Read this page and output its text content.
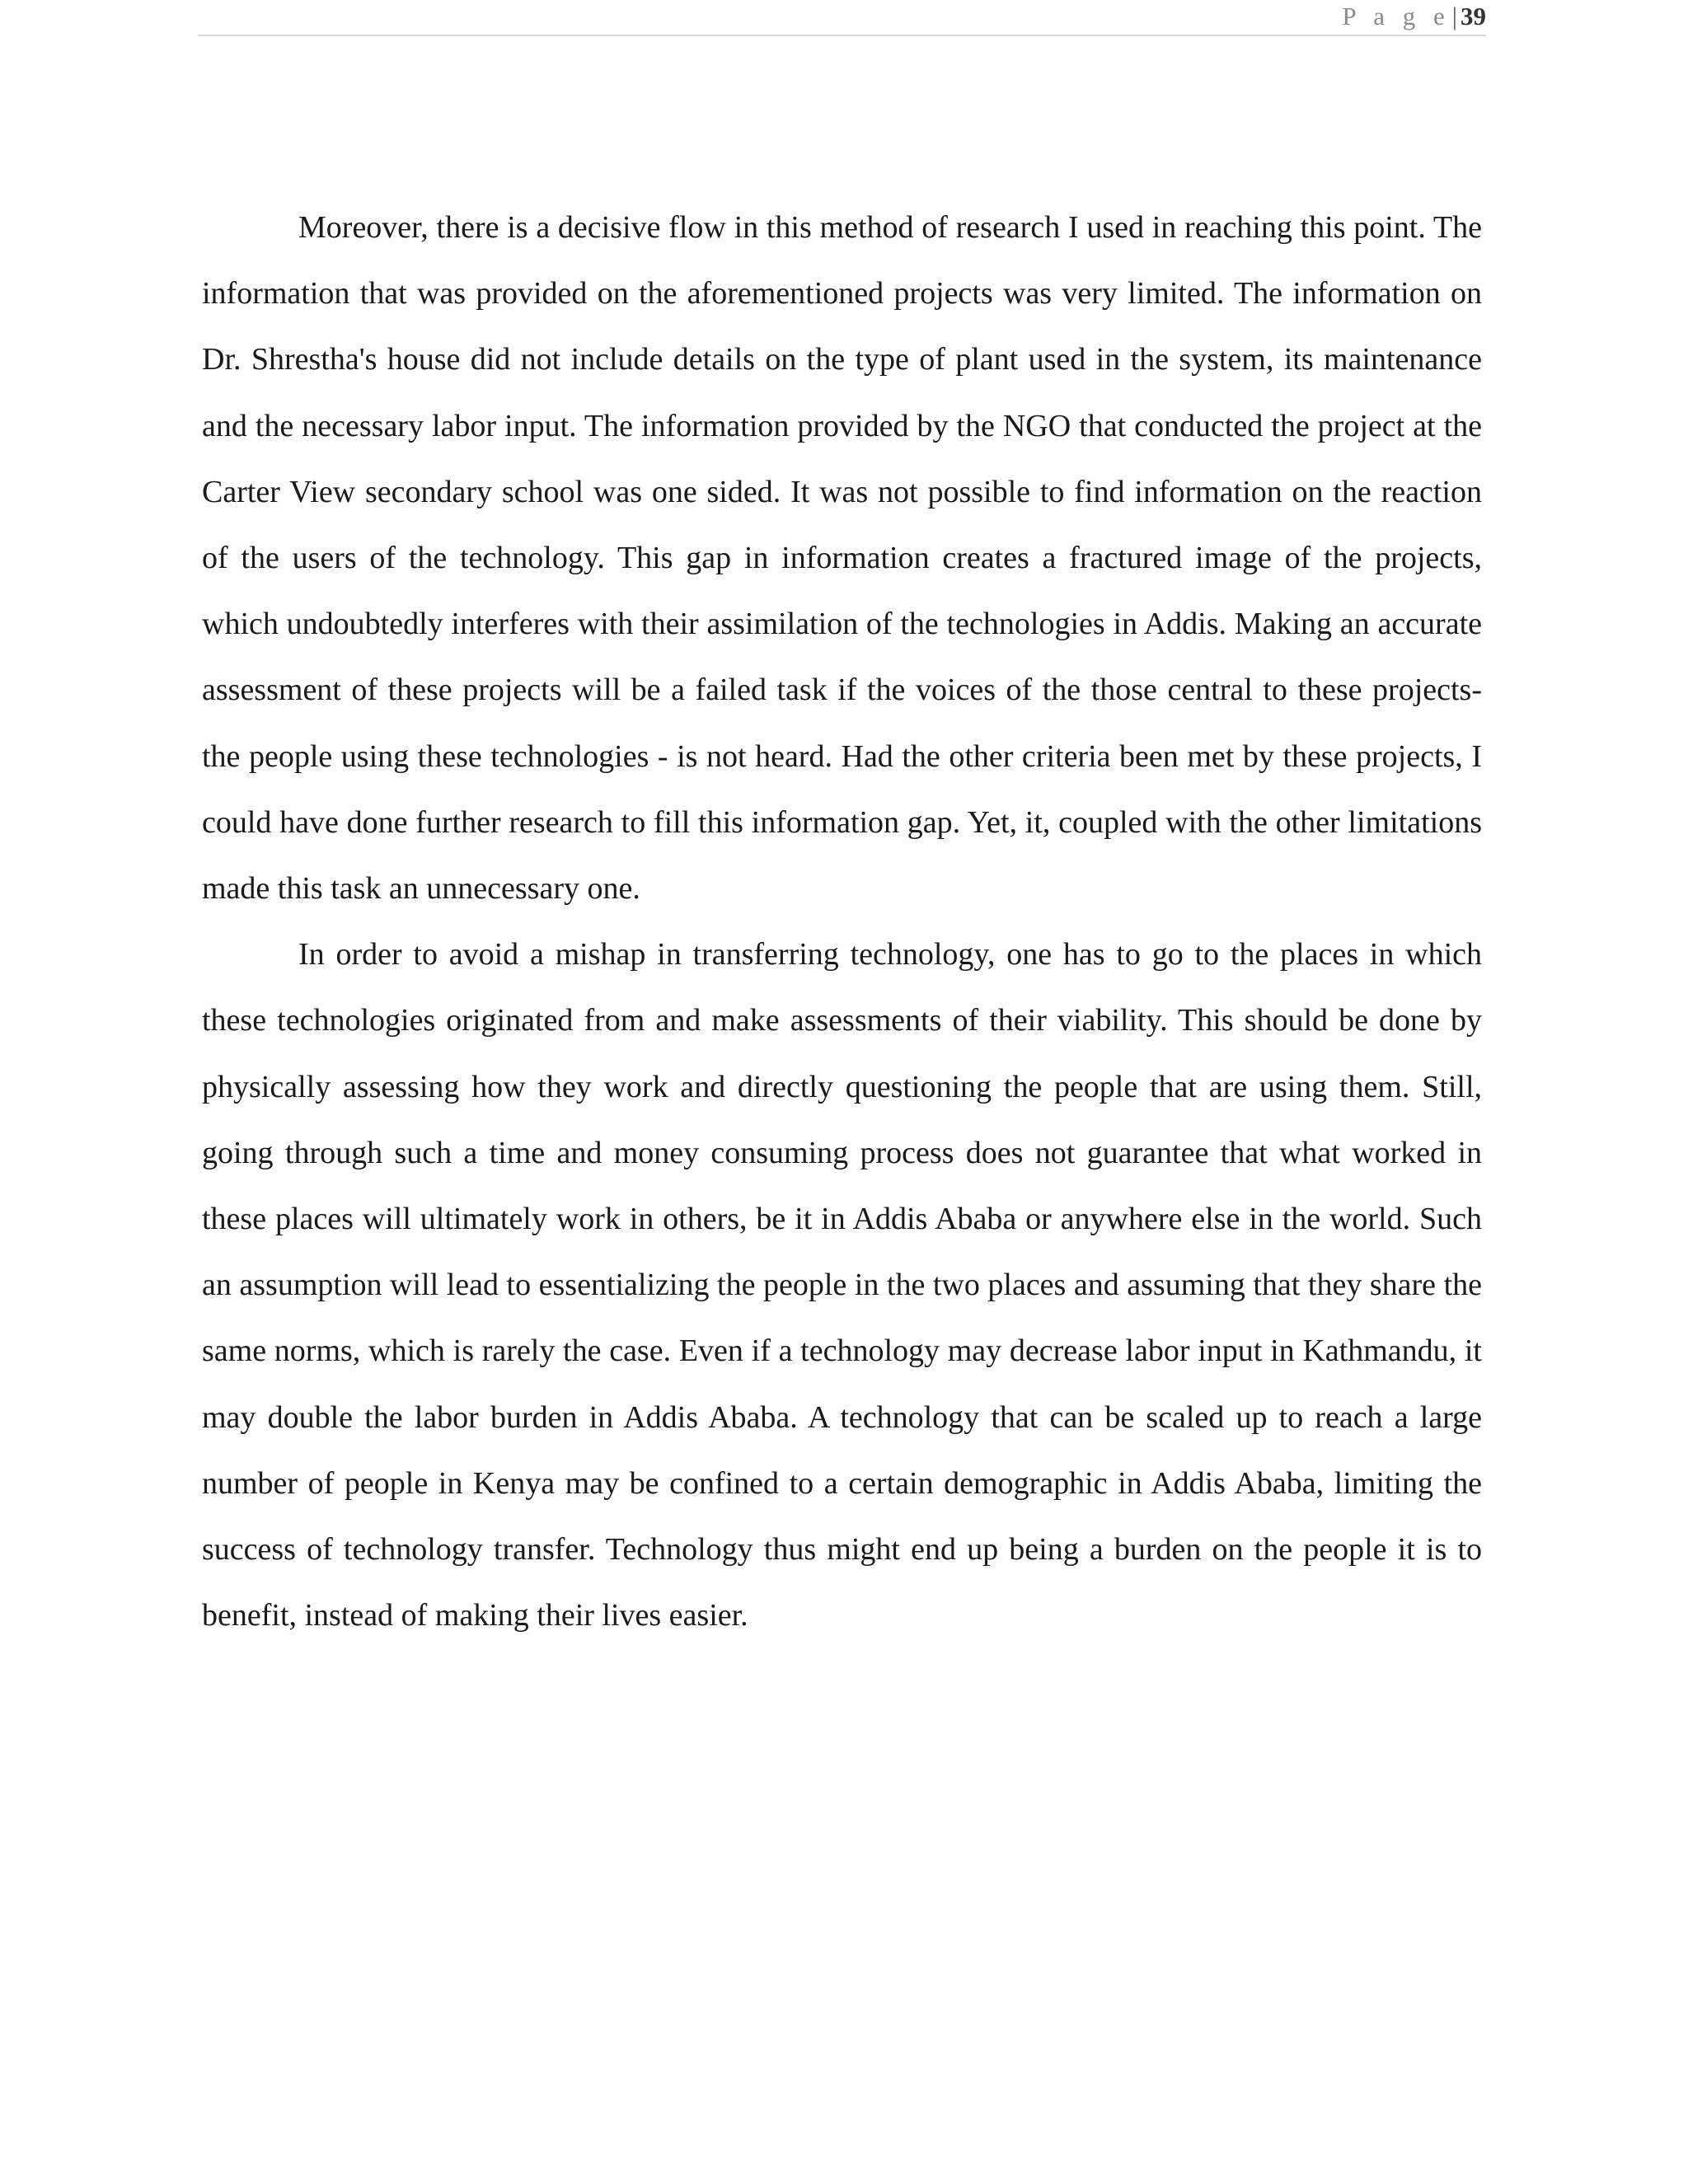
P a g e| 39

Moreover, there is a decisive flow in this method of research I used in reaching this point. The information that was provided on the aforementioned projects was very limited. The information on Dr. Shrestha's house did not include details on the type of plant used in the system, its maintenance and the necessary labor input. The information provided by the NGO that conducted the project at the Carter View secondary school was one sided. It was not possible to find information on the reaction of the users of the technology. This gap in information creates a fractured image of the projects, which undoubtedly interferes with their assimilation of the technologies in Addis. Making an accurate assessment of these projects will be a failed task if the voices of the those central to these projects- the people using these technologies - is not heard. Had the other criteria been met by these projects, I could have done further research to fill this information gap. Yet, it, coupled with the other limitations made this task an unnecessary one.

In order to avoid a mishap in transferring technology, one has to go to the places in which these technologies originated from and make assessments of their viability. This should be done by physically assessing how they work and directly questioning the people that are using them. Still, going through such a time and money consuming process does not guarantee that what worked in these places will ultimately work in others, be it in Addis Ababa or anywhere else in the world. Such an assumption will lead to essentializing the people in the two places and assuming that they share the same norms, which is rarely the case. Even if a technology may decrease labor input in Kathmandu, it may double the labor burden in Addis Ababa. A technology that can be scaled up to reach a large number of people in Kenya may be confined to a certain demographic in Addis Ababa, limiting the success of technology transfer. Technology thus might end up being a burden on the people it is to benefit, instead of making their lives easier.
